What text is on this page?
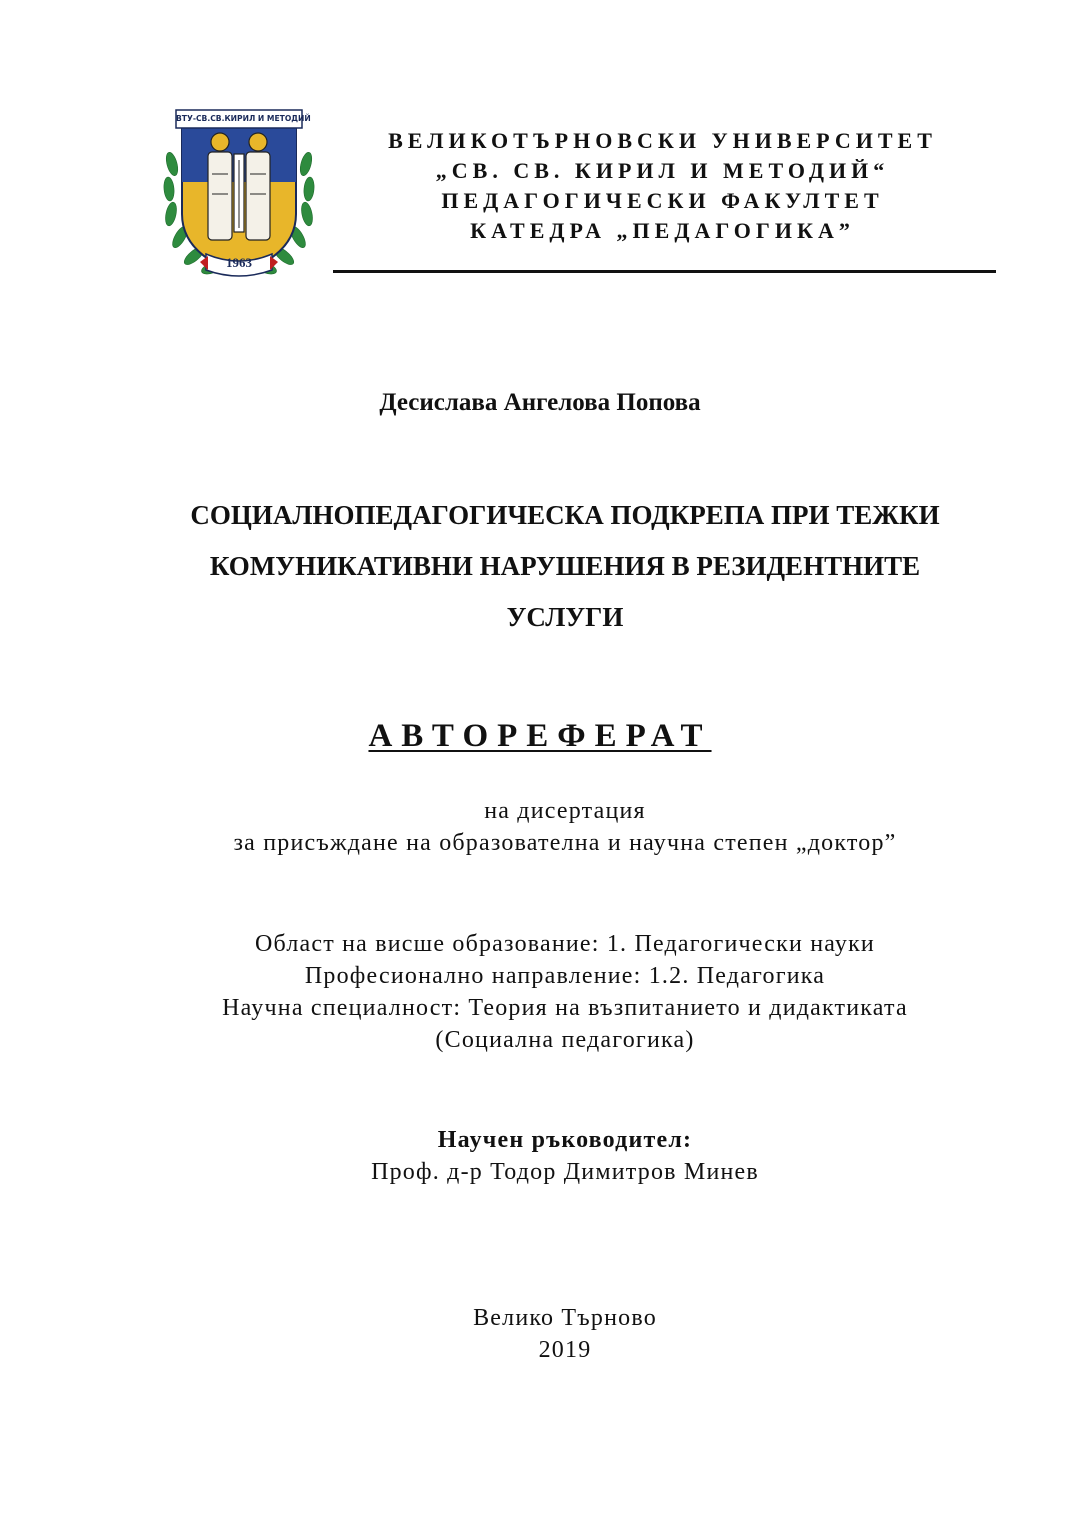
ВТУ-СВ.СВ.КИРИЛ И МЕТОДИЙ
1963
ВЕЛИКОТЪРНОВСКИ УНИВЕРСИТЕТ
„СВ. СВ. КИРИЛ И МЕТОДИЙ“
ПЕДАГОГИЧЕСКИ ФАКУЛТЕТ
КАТЕДРА „ПЕДАГОГИКА”
Десислава Ангелова Попова
СОЦИАЛНОПЕДАГОГИЧЕСКА ПОДКРЕПА ПРИ ТЕЖКИ
КОМУНИКАТИВНИ НАРУШЕНИЯ В РЕЗИДЕНТНИТЕ
УСЛУГИ
АВТОРЕФЕРАТ
на дисертация
за присъждане на образователна и научна степен „доктор”
Област на висше образование: 1. Педагогически науки
Професионално направление: 1.2. Педагогика
Научна специалност: Теория на възпитанието и дидактиката
(Социална педагогика)
Научен ръководител:
Проф. д-р Тодор Димитров Минев
Велико Търново
2019
